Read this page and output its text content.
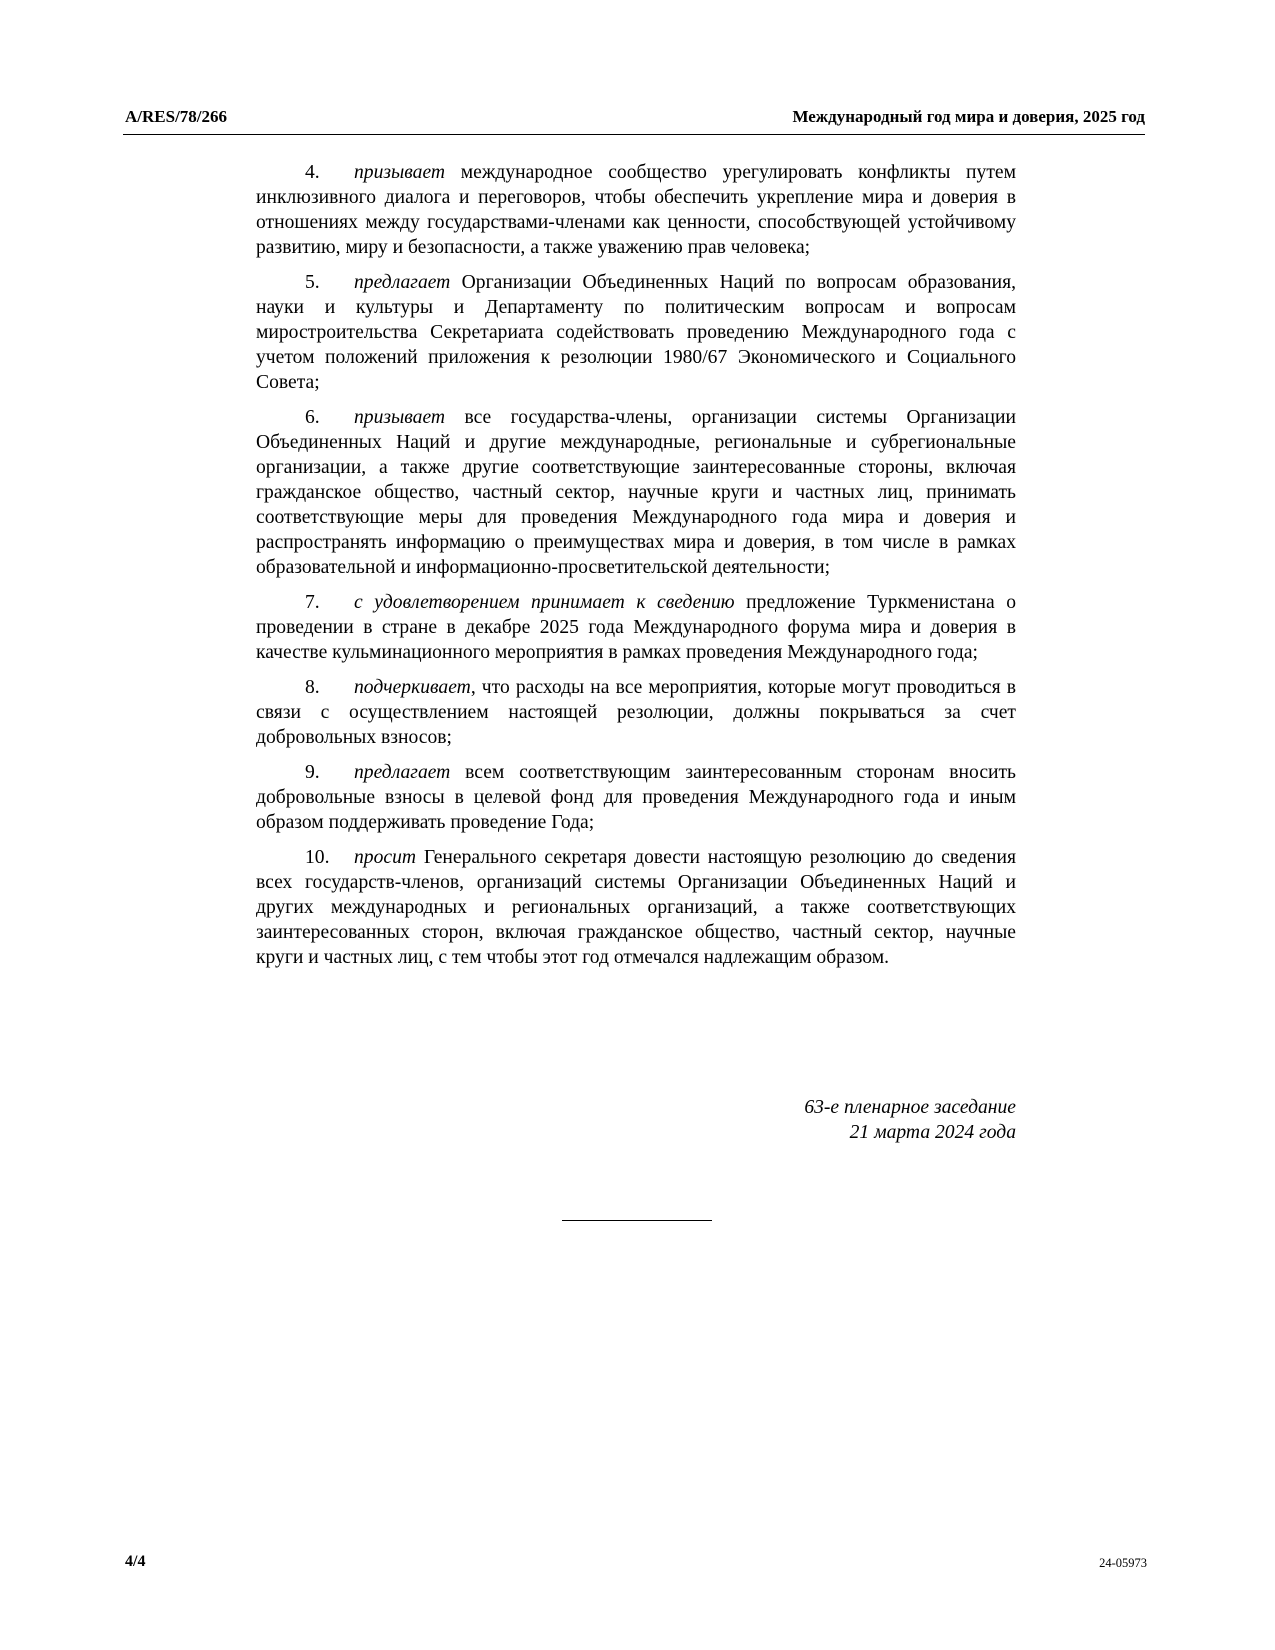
A/RES/78/266	Международный год мира и доверия, 2025 год

4. призывает международное сообщество урегулировать конфликты путем инклюзивного диалога и переговоров, чтобы обеспечить укрепление мира и доверия в отношениях между государствами-членами как ценности, способствующей устойчивому развитию, миру и безопасности, а также уважению прав человека;

5. предлагает Организации Объединенных Наций по вопросам образования, науки и культуры и Департаменту по политическим вопросам и вопросам миростроительства Секретариата содействовать проведению Международного года с учетом положений приложения к резолюции 1980/67 Экономического и Социального Совета;

6. призывает все государства-члены, организации системы Организации Объединенных Наций и другие международные, региональные и субрегиональные организации, а также другие соответствующие заинтересованные стороны, включая гражданское общество, частный сектор, научные круги и частных лиц, принимать соответствующие меры для проведения Международного года мира и доверия и распространять информацию о преимуществах мира и доверия, в том числе в рамках образовательной и информационно-просветительской деятельности;

7. с удовлетворением принимает к сведению предложение Туркменистана о проведении в стране в декабре 2025 года Международного форума мира и доверия в качестве кульминационного мероприятия в рамках проведения Международного года;

8. подчеркивает, что расходы на все мероприятия, которые могут проводиться в связи с осуществлением настоящей резолюции, должны покрываться за счет добровольных взносов;

9. предлагает всем соответствующим заинтересованным сторонам вносить добровольные взносы в целевой фонд для проведения Международного года и иным образом поддерживать проведение Года;

10. просит Генерального секретаря довести настоящую резолюцию до сведения всех государств-членов, организаций системы Организации Объединенных Наций и других международных и региональных организаций, а также соответствующих заинтересованных сторон, включая гражданское общество, частный сектор, научные круги и частных лиц, с тем чтобы этот год отмечался надлежащим образом.

63-е пленарное заседание
21 марта 2024 года
4/4	24-05973
